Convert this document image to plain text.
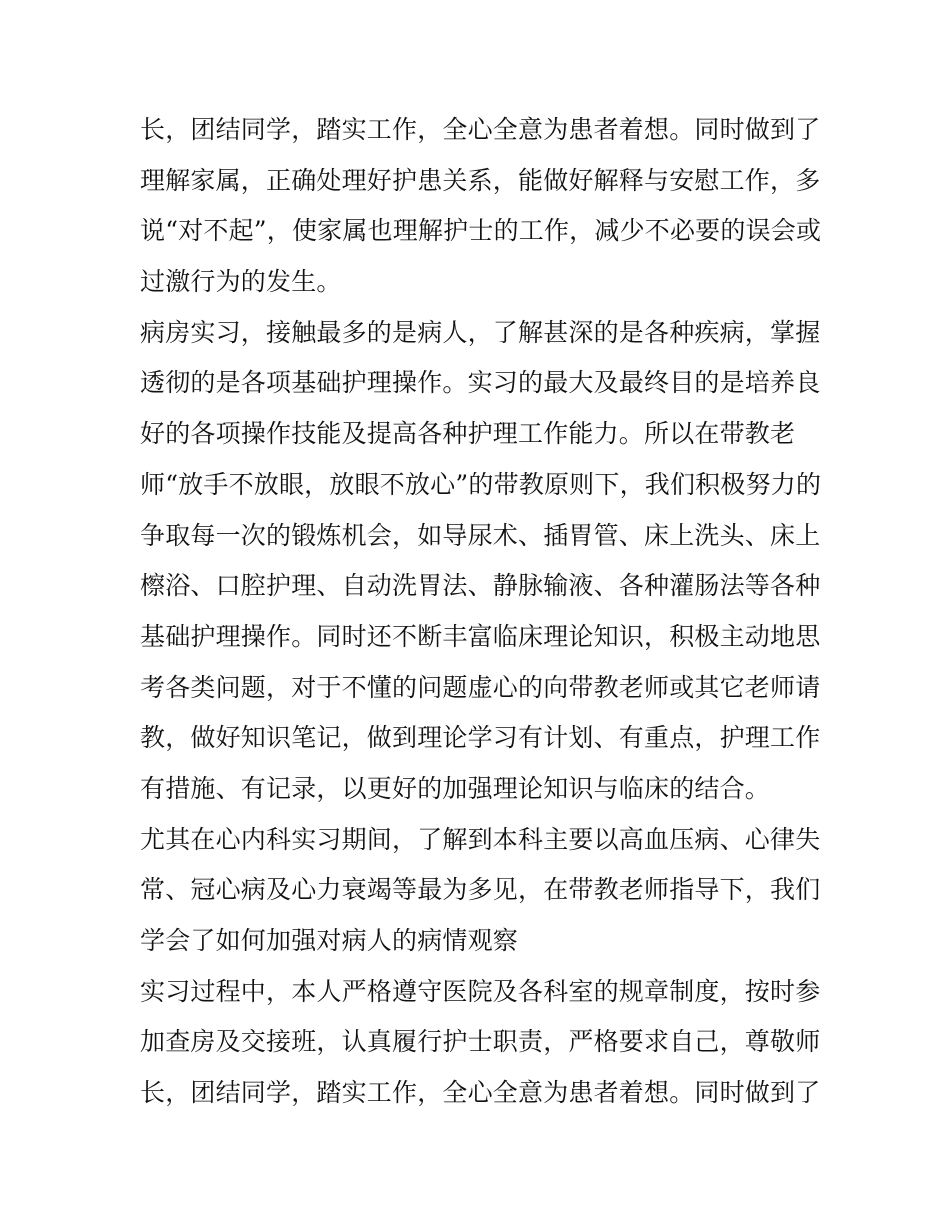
长，团结同学，踏实工作，全心全意为患者着想。同时做到了
理解家属，正确处理好护患关系，能做好解释与安慰工作，多
说“对不起”，使家属也理解护士的工作，减少不必要的误会或
过激行为的发生。
病房实习，接触最多的是病人，了解甚深的是各种疾病，掌握
透彻的是各项基础护理操作。实习的最大及最终目的是培养良
好的各项操作技能及提高各种护理工作能力。所以在带教老
师“放手不放眼，放眼不放心”的带教原则下，我们积极努力的
争取每一次的锻炼机会，如导尿术、插胃管、床上洗头、床上
檫浴、口腔护理、自动洗胃法、静脉输液、各种灌肠法等各种
基础护理操作。同时还不断丰富临床理论知识，积极主动地思
考各类问题，对于不懂的问题虚心的向带教老师或其它老师请
教，做好知识笔记，做到理论学习有计划、有重点，护理工作
有措施、有记录，以更好的加强理论知识与临床的结合。
尤其在心内科实习期间，了解到本科主要以高血压病、心律失
常、冠心病及心力衰竭等最为多见，在带教老师指导下，我们
学会了如何加强对病人的病情观察
实习过程中，本人严格遵守医院及各科室的规章制度，按时参
加查房及交接班，认真履行护士职责，严格要求自己，尊敬师
长，团结同学，踏实工作，全心全意为患者着想。同时做到了
